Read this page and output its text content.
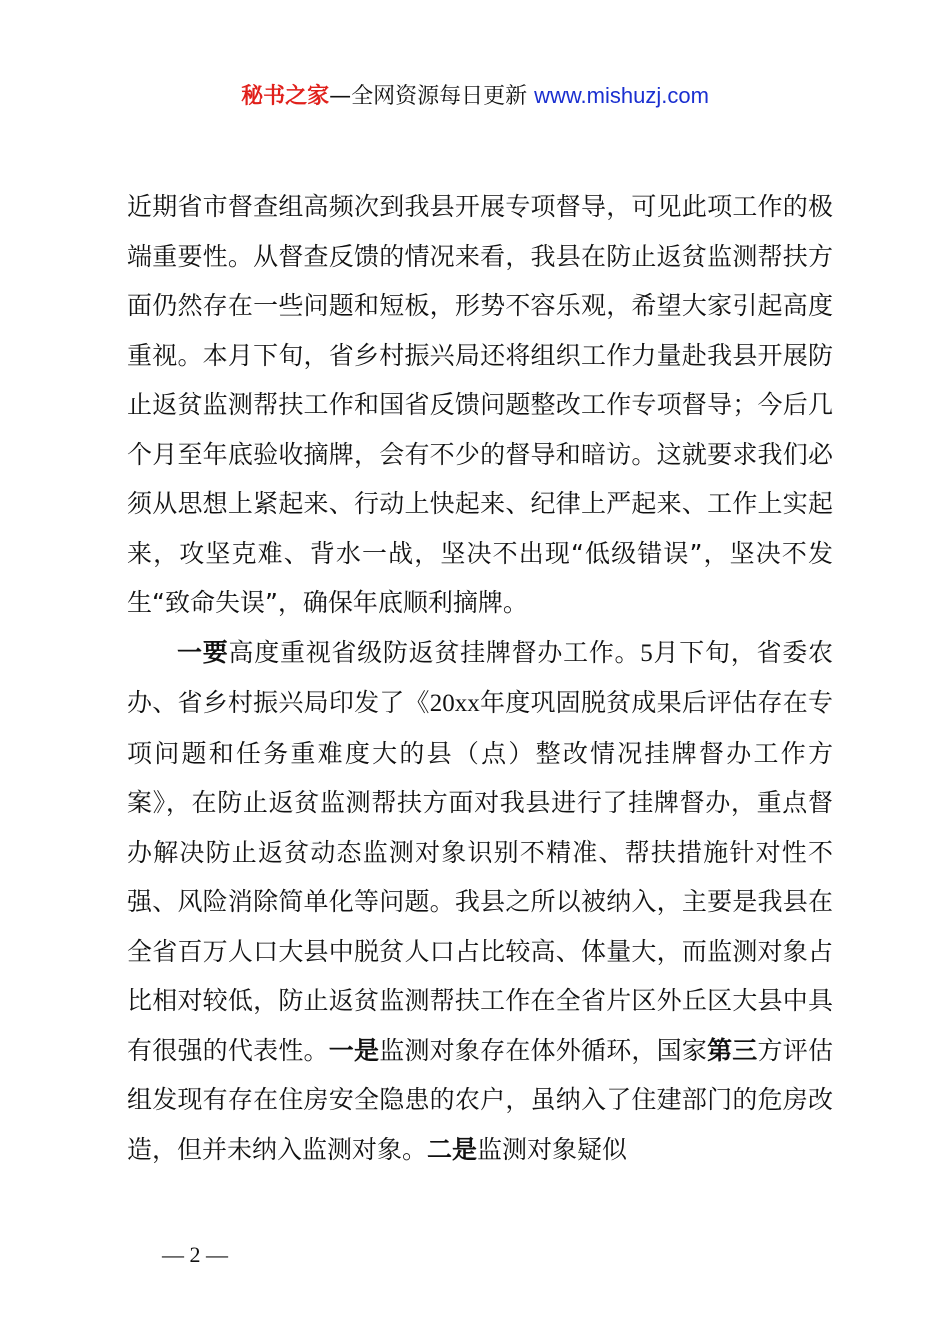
秘书之家—全网资源每日更新 www.mishuzj.com

近期省市督查组高频次到我县开展专项督导，可见此项工作的极端重要性。从督查反馈的情况来看，我县在防止返贫监测帮扶方面仍然存在一些问题和短板，形势不容乐观，希望大家引起高度重视。本月下旬，省乡村振兴局还将组织工作力量赴我县开展防止返贫监测帮扶工作和国省反馈问题整改工作专项督导；今后几个月至年底验收摘牌，会有不少的督导和暗访。这就要求我们必须从思想上紧起来、行动上快起来、纪律上严起来、工作上实起来，攻坚克难、背水一战，坚决不出现“低级错误”，坚决不发生“致命失误”，确保年底顺利摘牌。

一要高度重视省级防返贫挂牌督办工作。5月下旬，省委农办、省乡村振兴局印发了《20xx年度巩固脱贫成果后评估存在专项问题和任务重难度大的县（点）整改情况挂牌督办工作方案》，在防止返贫监测帮扶方面对我县进行了挂牌督办，重点督办解决防止返贫动态监测对象识别不精准、帮扶措施针对性不强、风险消除简单化等问题。我县之所以被纳入，主要是我县在全省百万人口大县中脱贫人口占比较高、体量大，而监测对象占比相对较低，防止返贫监测帮扶工作在全省片区外丘区大县中具有很强的代表性。一是监测对象存在体外循环，国家第三方评估组发现有存在住房安全隐患的农户，虽纳入了住建部门的危房改造，但并未纳入监测对象。二是监测对象疑似

— 2 —
